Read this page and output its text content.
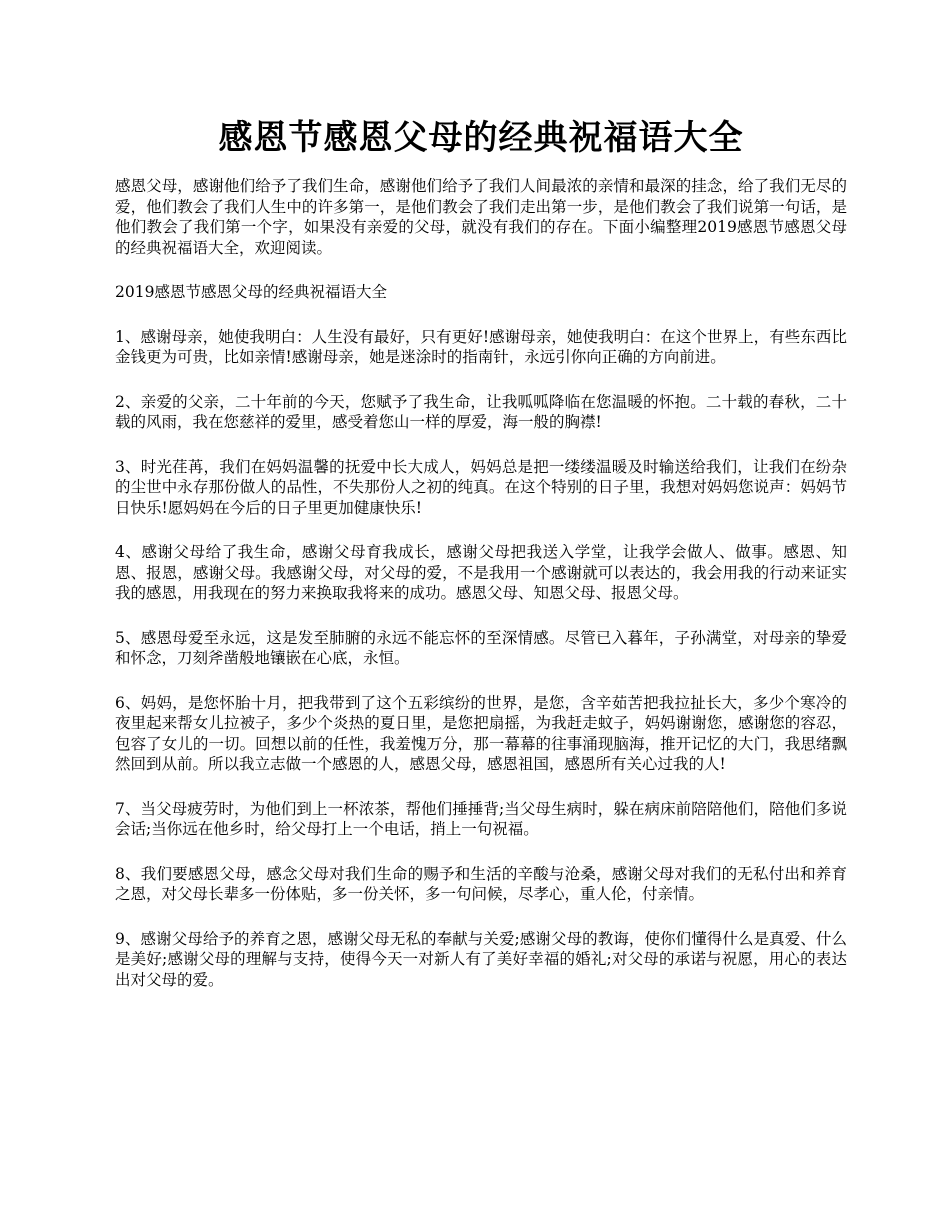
感恩节感恩父母的经典祝福语大全

感恩父母，感谢他们给予了我们生命，感谢他们给予了我们人间最浓的亲情和最深的挂念，给了我们无尽的爱，他们教会了我们人生中的许多第一，是他们教会了我们走出第一步，是他们教会了我们说第一句话，是他们教会了我们第一个字，如果没有亲爱的父母，就没有我们的存在。下面小编整理2019感恩节感恩父母的经典祝福语大全，欢迎阅读。

2019感恩节感恩父母的经典祝福语大全

1、感谢母亲，她使我明白：人生没有最好，只有更好!感谢母亲，她使我明白：在这个世界上，有些东西比金钱更为可贵，比如亲情!感谢母亲，她是迷涂时的指南针，永远引你向正确的方向前进。

2、亲爱的父亲，二十年前的今天，您赋予了我生命，让我呱呱降临在您温暖的怀抱。二十载的春秋，二十载的风雨，我在您慈祥的爱里，感受着您山一样的厚爱，海一般的胸襟!

3、时光荏苒，我们在妈妈温馨的抚爱中长大成人，妈妈总是把一缕缕温暖及时输送给我们，让我们在纷杂的尘世中永存那份做人的品性，不失那份人之初的纯真。在这个特别的日子里，我想对妈妈您说声：妈妈节日快乐!愿妈妈在今后的日子里更加健康快乐!

4、感谢父母给了我生命，感谢父母育我成长，感谢父母把我送入学堂，让我学会做人、做事。感恩、知恩、报恩，感谢父母。我感谢父母，对父母的爱，不是我用一个感谢就可以表达的，我会用我的行动来证实我的感恩，用我现在的努力来换取我将来的成功。感恩父母、知恩父母、报恩父母。

5、感恩母爱至永远，这是发至肺腑的永远不能忘怀的至深情感。尽管已入暮年，子孙满堂，对母亲的挚爱和怀念，刀刻斧凿般地镶嵌在心底，永恒。

6、妈妈，是您怀胎十月，把我带到了这个五彩缤纷的世界，是您，含辛茹苦把我拉扯长大，多少个寒冷的夜里起来帮女儿拉被子，多少个炎热的夏日里，是您把扇摇，为我赶走蚊子，妈妈谢谢您，感谢您的容忍，包容了女儿的一切。回想以前的任性，我羞愧万分，那一幕幕的往事涌现脑海，推开记忆的大门，我思绪飘然回到从前。所以我立志做一个感恩的人，感恩父母，感恩祖国，感恩所有关心过我的人!

7、当父母疲劳时，为他们到上一杯浓茶，帮他们捶捶背;当父母生病时，躲在病床前陪陪他们，陪他们多说会话;当你远在他乡时，给父母打上一个电话，捎上一句祝福。

8、我们要感恩父母，感念父母对我们生命的赐予和生活的辛酸与沧桑，感谢父母对我们的无私付出和养育之恩，对父母长辈多一份体贴，多一份关怀，多一句问候，尽孝心，重人伦，付亲情。

9、感谢父母给予的养育之恩，感谢父母无私的奉献与关爱;感谢父母的教诲，使你们懂得什么是真爱、什么是美好;感谢父母的理解与支持，使得今天一对新人有了美好幸福的婚礼;对父母的承诺与祝愿，用心的表达出对父母的爱。
